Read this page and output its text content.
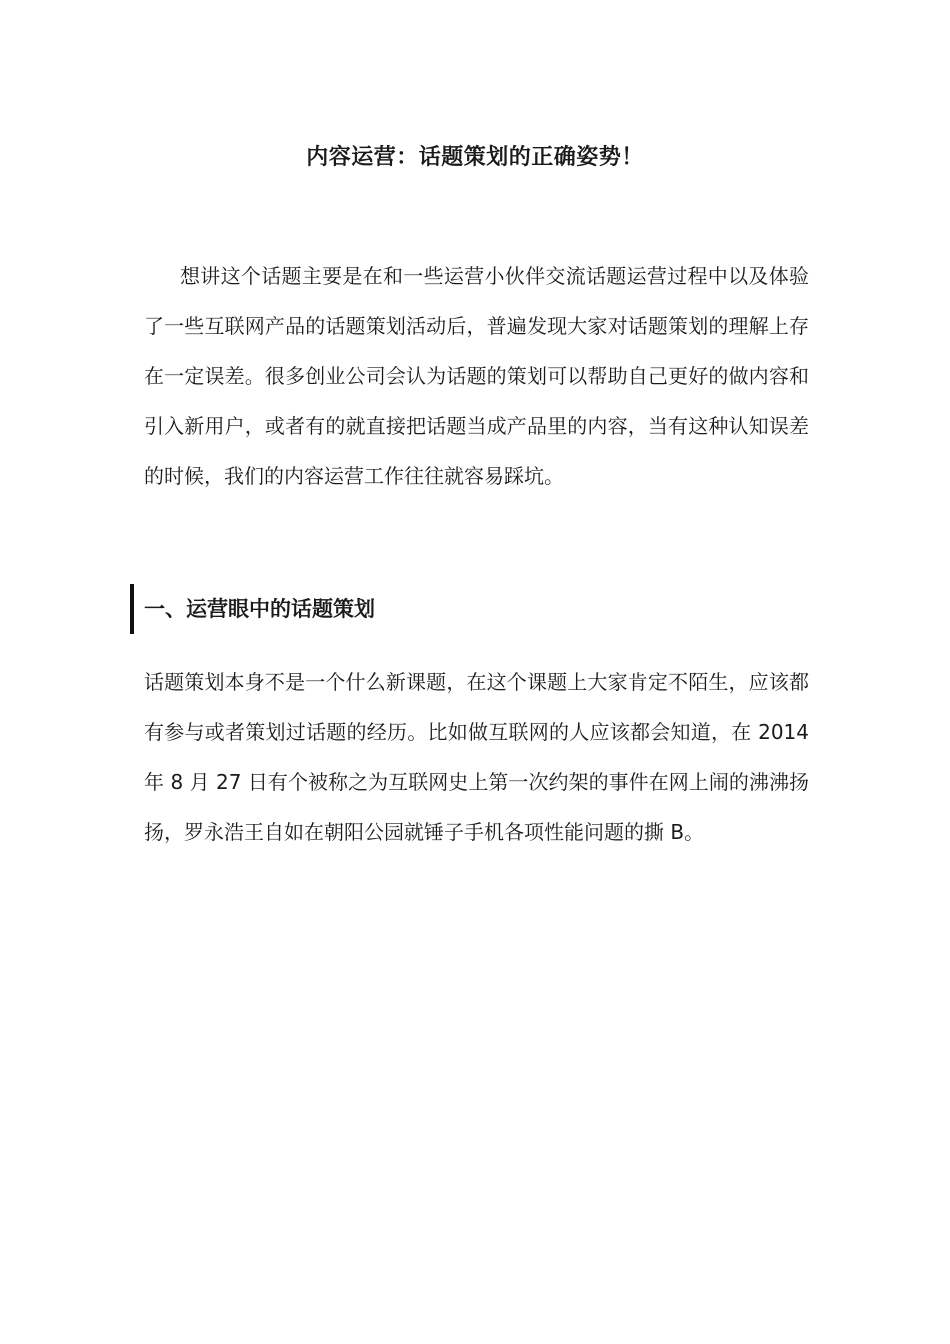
内容运营：话题策划的正确姿势！

想讲这个话题主要是在和一些运营小伙伴交流话题运营过程中以及体验了一些互联网产品的话题策划活动后，普遍发现大家对话题策划的理解上存在一定误差。很多创业公司会认为话题的策划可以帮助自己更好的做内容和引入新用户，或者有的就直接把话题当成产品里的内容，当有这种认知误差的时候，我们的内容运营工作往往就容易踩坑。

一、运营眼中的话题策划

话题策划本身不是一个什么新课题，在这个课题上大家肯定不陌生，应该都有参与或者策划过话题的经历。比如做互联网的人应该都会知道，在 2014 年 8 月 27 日有个被称之为互联网史上第一次约架的事件在网上闹的沸沸扬扬，罗永浩王自如在朝阳公园就锤子手机各项性能问题的撕 B。
